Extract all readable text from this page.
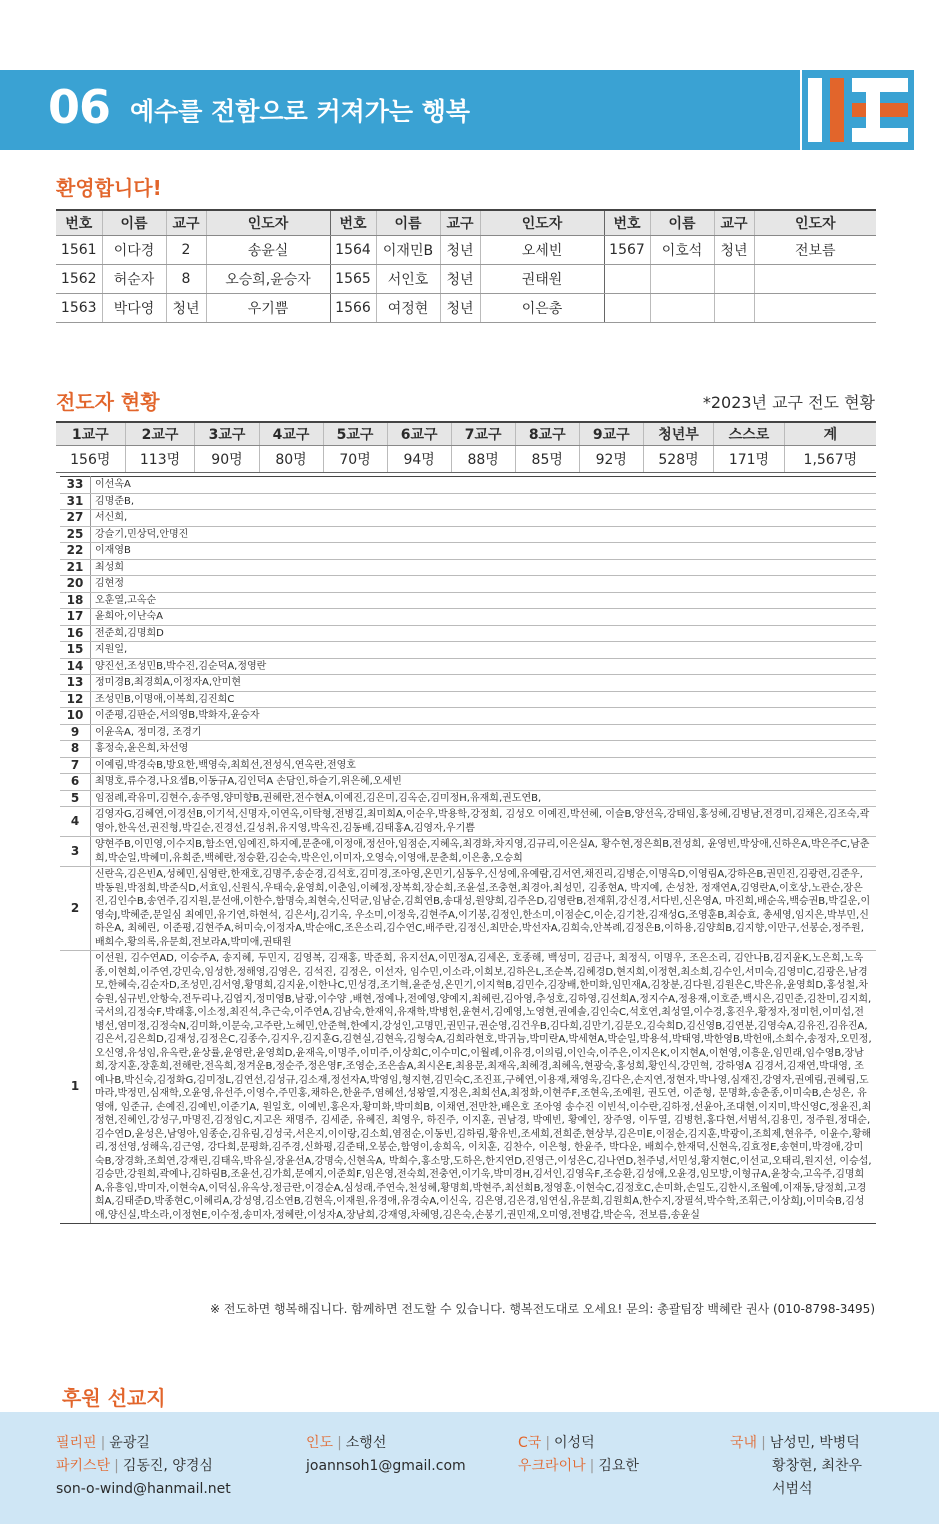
06 예수를 전함으로 커져가는 행복
환영합니다!
번호	이름	교구	인도자	번호	이름	교구	인도자	번호	이름	교구	인도자
1561	이다경	2	송윤실	1564	이재민B	청년	오세빈	1567	이호석	청년	전보름
1562	허순자	8	오승희,윤승자	1565	서인호	청년	권태원				
1563	박다영	청년	우기쁨	1566	여정현	청년	이은총				
전도자 현황	*2023년 교구 전도 현황
1교구	2교구	3교구	4교구	5교구	6교구	7교구	8교구	9교구	청년부	스스로	계
156명	113명	90명	80명	70명	94명	88명	85명	92명	528명	171명	1,567명
33	이선옥A
31	김명준B,
27	서신희,
25	강슬기,민상덕,안명진
22	이재영B
21	최성희
20	김현정
18	오훈열,고옥순
17	윤희아,이난숙A
16	전준희,김명희D
15	지원일,
14	양진선,조성민B,박수진,김순덕A,정영란
13	정미경B,최경희A,이정자A,안미현
12	조성민B,이명애,이복희,김진희C
10	이준평,김판순,서의영B,박화자,윤승자
9	이윤옥A, 정미경, 조경기
8	홍정숙,윤은희,차선영
7	이예림,박경숙B,방요한,백영숙,최희선,전성식,연옥란,전영호
6	최명호,류수경,나요셉B,이동규A,김인덕A 손담인,하슬기,위은혜,오세빈
5	임점례,곽유미,김현수,송주영,양미향B,권혜란,전수현A,이예진,김은미,김옥순,김미정H,유재희,권도연B,
4	김영자G,김혜연,이경선B,이기석,신명자,이연옥,이탁형,전병길,최미희A,이순우,박용학,강정희, 김성오 이예진,박선혜, 이슬B,양선옥,강태임,홍성혜,김병남,전경미,김채은,김조숙,곽영아,한옥선,권진형,박길순,진경선,길성취,유지영,박옥진,김동배,김태홍A,김영자,우기쁨
3	양현주B,이민영,이수지B,함소연,임예진,하지예,문춘애,이정애,정선아,임점순,지혜옥,최경화,차지영,김규리,이은실A, 황수현,정은희B,전성희, 윤영빈,박상애,신하은A,박은주C,남춘희,박순일,박혜미,유희준,백혜란,정승환,김순숙,박은인,이미자,오영숙,이영애,문춘희,이은총,오승희
2	신란옥,김은빈A,성혜민,심영란,한재호,김명주,송순경,김석호,김미경,조아영,온민기,심동우,신성예,유예람,김서연,채진리,김병순,이명옥D,이영림A,강하은B,권민진,김광련,김준우,박동원,박점희,박준식D,서효임,신원식,우태숙,윤영희,이춘임,이혜정,장복희,장순희,조윤설,조충현,최경아,최성민, 김종현A, 박지예, 손성찬, 정재연A,김영란A,이호상,노관순,장은진,김인수B,송연주,김지원,문선애,이한수,함명숙,최현숙,신덕균,임남순,김희연B,송대성,원양희,김주은D,김영란B,전재휘,강신경,서다빈,신은영A, 마진희,배순옥,백승권B,박길운,이영숙J,박혜준,문일심 최예민,유기연,하현석, 김은서J,김기옥, 우소미,이정욱,김현주A,이기봉,김정인,한소미,이점순C,이순,김기찬,김재성G,조영훈B,최승효, 총세영,임지은,박부민,신하은A, 최혜린, 이준평,김현주A,허미숙,이정자A,박순애C,조은소리,김수연C,배주란,김정신,최만순,박선자A,김희숙,안복례,김정은B,이하용,김양희B,김지향,이만구,선봉순,정주원,배희수,황의록,유문희,전보라A,박미애,권태원
1	이선원, 김수연AD, 이승주A, 송지혜, 두민지, 김영복, 김재홍, 박준희, 유지선A,이민정A,김세온, 호종해, 백성미, 김금나, 최정식, 이명우, 조은소리, 김안나B,김지윤K,노은희,노욱종,이현희,이주연,강민숙,임성한,정해영,김영은, 김석진, 김정은, 이선자, 임수민,이소라,이희보,김하은L,조순복,김혜경D,현지희,이정현,최소희,김수인,서미숙,김영미C,김광은,남경모,한혜숙,김순자D,조성민,김서영,황명희,김지윤,이한나C,민성경,조기혁,윤준성,온민기,이지혁B,김민수,김장배,한미화,임민재A,김창분,김다원,김원은C,박은유,윤영희D,홍성철,차승원,심규빈,안항숙,전두리나,김엽지,정미영B,남광,이수양 ,배현,정예나,전예영,양예지,최혜린,김아영,추성호,김하영,김선희A,정지수A,정용재,이호준,백시은,김민준,김찬미,김지희,국서의,김정숙F,박래홍,이소정,최진석,추근숙,이주연A,김남숙,한재익,유재학,박병헌,윤현서,김예영,노영현,권예솔,김인숙C,석호연,최성열,이수경,홍진우,황정자,정미헌,이미섭,전병선,염미정,김정숙N,김미화,이문숙,고주란,노혜민,안준혁,한예지,강성인,고명민,권민규,권순영,김건우B,김다희,김만기,김문오,김숙희D,김신영B,김연분,김영숙A,김유진,김유진A,김은서,김은희D,김재성,김정은C,김종수,김지우,김지훈G,김현실,김현옥,김형숙A,김희라현호,박귀늠,박미란A,박세현A,박순일,박용석,박태영,박한영B,박헌애,소희수,송정자,오민정,오신영,유성임,유옥란,윤상률,윤영란,윤영희D,윤재옥,이명주,이미주,이상희C,이수미C,이월례,이유경,이의림,이인숙,이주은,이지은K,이지현A,이현영,이흥운,임민래,임수영B,장남희,장지훈,장훈희,전해란,전옥희,정겨운B,정순주,정은영F,조영순,조은솜A,최시온E,최용문,최재옥,최혜경,최혜옥,현광숙,홍성희,황인식,강민혁, 강하영A 김경서,김재연,박대영, 조예나B,박신숙,김정화G,김미정L,김연선,김성규,김소재,정선자A,박영임,형지현,김민숙C,조진표,구혜연,이용재,채영욱,김다은,손지연,정현자,박나영,심재진,강영자,권예림,권혜림,도마라,박정민,심재학,오윤영,유선주,이영수,주민홍,채하은,한윤주,염혜선,성왕열,지정은,최희선A,최정화,이현주F,조현옥,조예원, 권도연, 이준형, 문명화,송춘종,이미숙B,손성은, 유영애, 임준규, 손예진,김예빈,이준기A, 원일호, 이예빈,홍은자,황미화,박미희B, 이채연,전만찬,배은호 조아영 송수진 이빈석,이수란,김하정,선윤아,조대현,이지미,박신영C,정윤진,최정현,진혜인,강성구,마명진,김정임C,지고은 채명주, 김세준, 유혜진, 최영우, 하진주, 이지훈, 권남경, 박예빈, 황예인, 장주영, 이두열, 김병헌,홍다현,서범석,김용민, 정주원,정대순,김수연D,윤성은,남영아,임종순,김유림,김성국,서은지,이이랑,김소희,염점순,이동빈,김하림,황유빈,조세희,전희준,현상부,김은미E,이점순,김지훈,박광이,조희제,현유주, 이윤수,황해리,정선영,성해옥,김근영, 강다희,문평화,김주경,신화평,김준태,오봉순,함영이,송희옥, 이치훈, 김찬수, 이은형, 한윤주, 박다운, 배희수,한재덕,신현옥,김효정E,송현미,박경애,강미숙B,장경화,조희연,강재린,김태옥,박유실,장윤선A,강명숙,신현옥A, 박희수,홍소망,도하은,한지연D,진영근,이성은C,김나연D,천주녕,서민성,황지현C,이선교,오태리,원지선, 이승섭,김승만,강원희,곽예나,김하림B,조윤선,김가희,문예지,이준희F,임은영,전숙희,전충연,이기욱,박미경H,김서인,김영옥F,조승환,김성애,오윤경,임모방,이형규A,윤창숙,고옥주,김명희A,유흥임,박미자,이현숙A,이덕심,유옥상,정금란,이경순A,심성래,주연숙,천성혜,황명희,박현주,최선희B,정영훈,이현숙C,김정호C,손미화,손일도,김한시,조월예,이재동,당정희,고경희A,김태준D,박종현C,이혜리A,강성영,김소연B,김현옥,이재원,유경애,유경숙A,이신옥, 김은영,김은경,임연심,유문희,김원희A,한수지,장필석,박수학,조휘근,이상희J,이미숙B,김성애,양신실,박소라,이정현E,이수정,송미자,정혜란,이성자A,장남희,강재영,차혜영,김은숙,손봉기,권민재,오미영,전병갑,박순옥, 전보름,송윤실
※ 전도하면 행복해집니다. 함께하면 전도할 수 있습니다. 행복전도대로 오세요! 문의: 총괄팀장 백혜란 권사 (010-8798-3495)
후원 선교지
필리핀 | 윤광길
파키스탄 | 김동진, 양경심
son-o-wind@hanmail.net
인도 | 소행선
joannsoh1@gmail.com
C국 | 이성덕
우크라이나 | 김요한
국내 | 남성민, 박병덕
황창현, 최찬우
서범석
